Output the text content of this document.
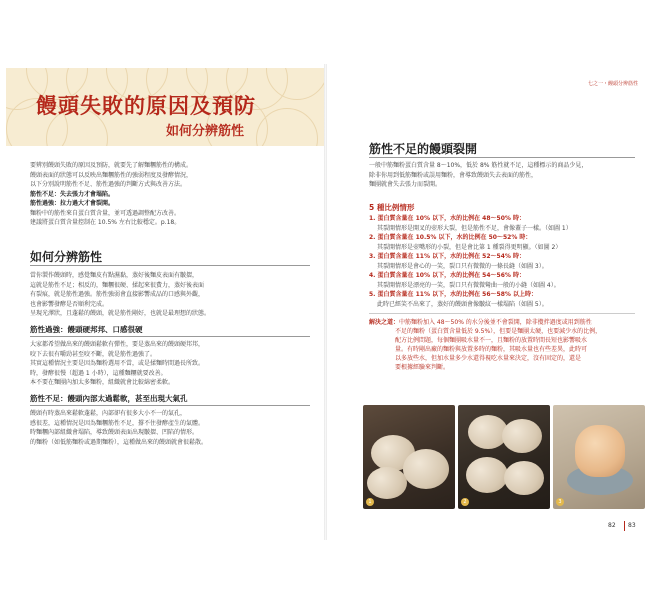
饅頭失敗的原因及預防
如何分辨筋性
要辨別饅頭失敗的原因及預防，就要先了解麵糰筋性的構成。
饅頭表面的狀態可以反映出麵糰筋性的強弱程度及發酵情況，
以下分別說明筋性不足、筋性過強的判斷方式與改善方法。
筋性不足：失去張力才會塌陷。
筋性過強：拉力過大才會裂開。
麵粉中的筋性來自蛋白質含量，並可透過調整配方改善。
建議將蛋白質含量控制在 10.5% 左右比較穩定。p.18。
如何分辨筋性
當你製作饅頭時，感覺麵皮有點濕黏，蒸好後麵皮表面有皺摺，
這就是筋性不足；相反的，麵糰很硬、揉起來很費力，蒸好後表面
有裂痕，就是筋性過強。筋性強弱會直接影響成品的口感與外觀，
也會影響發酵是否順利完成。
呈現光澤狀，且蓬鬆的饅頭，就是筋性剛好，也就是最理想的狀態。
筋性過強：饅頭硬邦邦、口感很硬
大家都希望做出來的饅頭鬆軟有彈性，要是蒸出來的饅頭硬邦邦，
咬下去很有嚼勁甚至咬不斷，就是筋性過強了。
其實這種情況主要是因為麵粉選用不當，或是揉麵時間過長所致。
時，發酵很慢（超過 1 小時），這種麵糰就要改善。
本不要在麵團內加太多麵粉，組織就會比較綿密柔軟。
筋性不足：饅頭內部太過鬆軟，甚至出現大氣孔
饅頭有時蒸出來鬆軟蓬鬆，內部卻有很多大小不一的氣孔，
感很差，這種情況是因為麵糰筋性不足，撐不住發酵產生的氣體。
時麵糰內部組織會塌陷，導致饅頭表面出現皺摺、凹陷的情形。
的麵粉（如低筋麵粉或過期麵粉），這種做出來的饅頭就會很鬆散。
七之一・饅頭分辨筋性
筋性不足的饅頭裂開
一般中筋麵粉蛋白質含量 8～10%，低於 8% 筋性就不足，這種標示的商品少見，
除非你用到低筋麵粉或誤用麵粉，會導致饅頭失去表面的筋性，
麵團就會失去張力而裂開。
5 種比例情形
1. 蛋白質含量在 10% 以下，水的比例在 48～50% 時：
其裂開情形是開叉的壺形大裂，但是筋性不足，會像蓋子一樣。（如圖 1）
2. 蛋白質含量在 10.5% 以下，水的比例在 50～52% 時：
其裂開情形是壺嘴形的小裂，但是會比第 1 種裂得更明顯。（如圖 2）
3. 蛋白質含量在 11% 以下，水的比例在 52～54% 時：
其裂開情形是會心的一笑，裂口只有微微的一條長縫（如圖 3）。
4. 蛋白質含量在 10% 以下，水的比例在 54～56% 時：
其裂開情形是漂亮的一笑，裂口只有微微彎曲一般的小縫（如圖 4）。
5. 蛋白質含量在 11% 以下，水的比例在 56～58% 以上時：
此時已經笑不出來了，蒸好的饅頭會像皺紋一樣塌陷（如圖 5）。
解決之道：中筋麵粉加入 48～50% 的水分後並不會裂開，除非攪拌過度或用到筋性
不足的麵粉（蛋白質含量低於 9.5%），但要是麵團太硬，也要減少水的比例，
配方比例問題，每個麵團吸水量不一，且麵粉的放置時間長短也影響吸水
量。有時剛出廠的麵粉與放置多時的麵粉，其吸水量也有些差異，此時可
以多放些水，但加水量多少水還得視吃水量來決定，沒有固定的，還是
要根據經驗來判斷。
1	2	3
82 83
